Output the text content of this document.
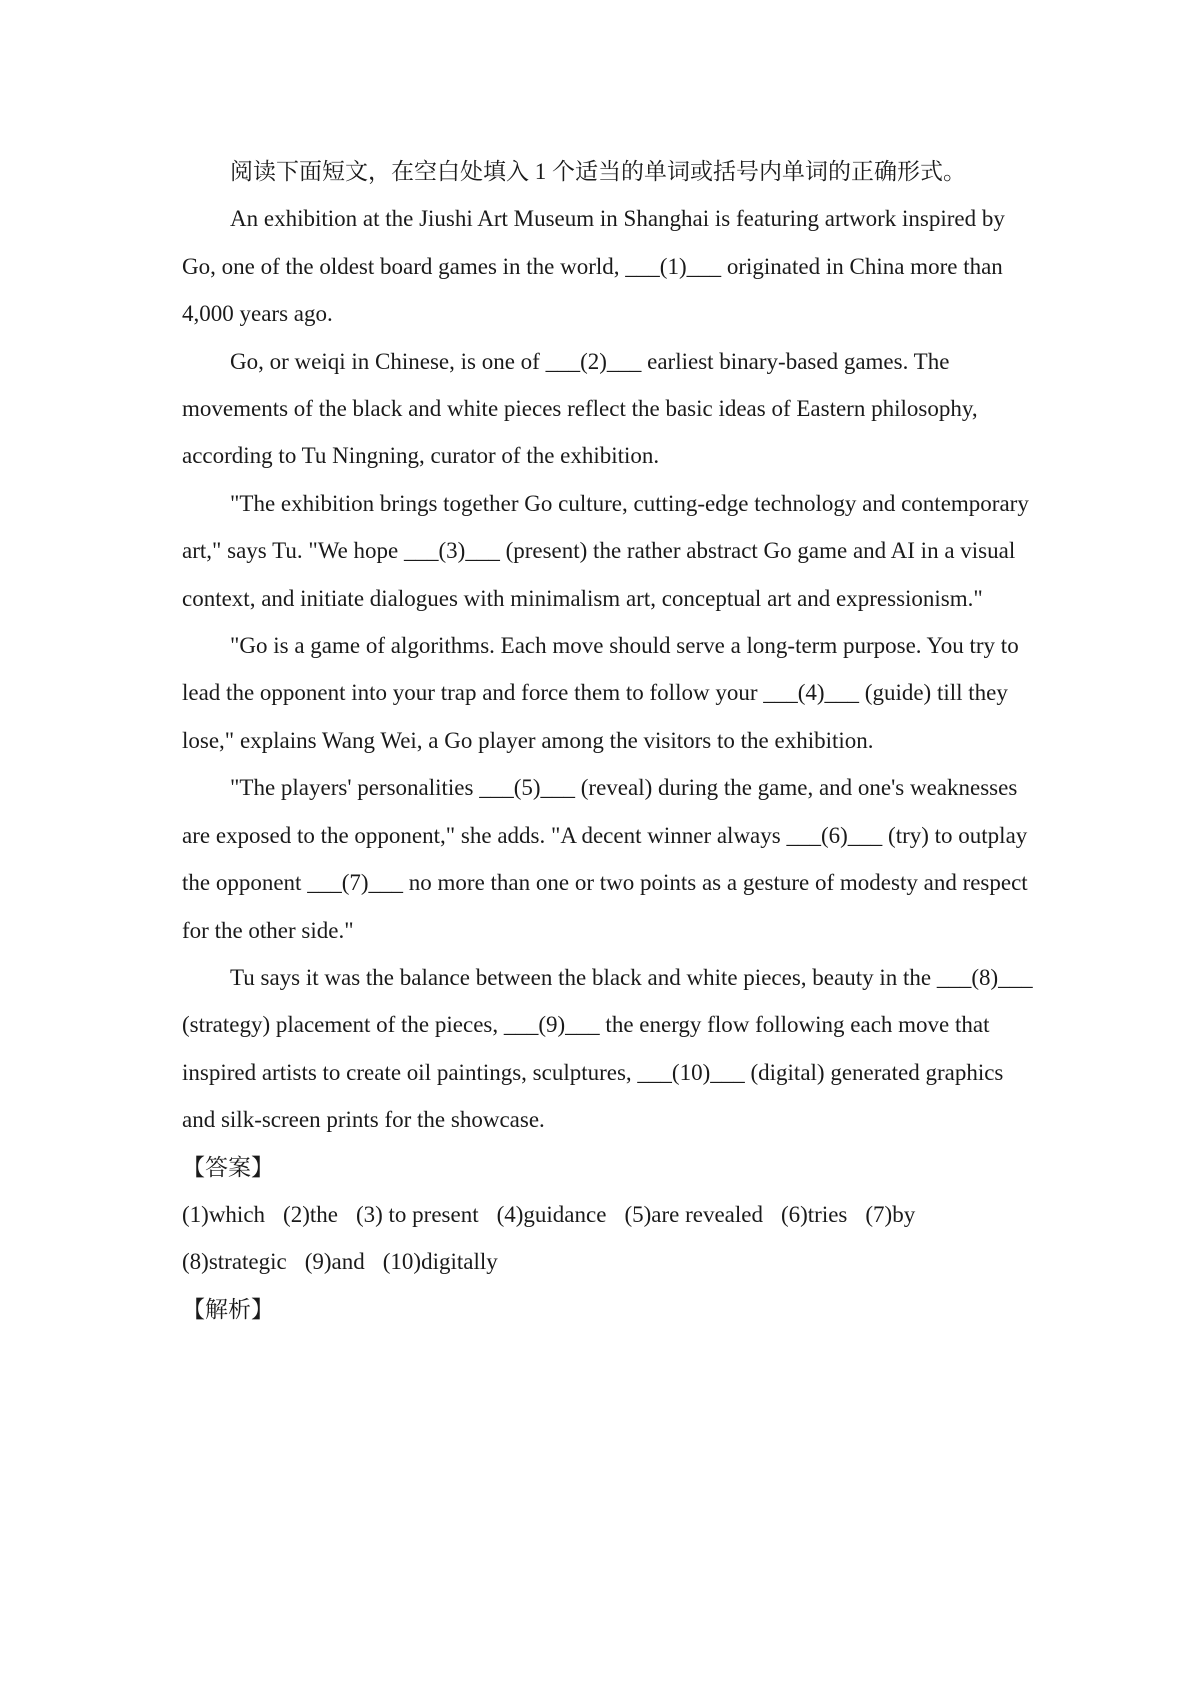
阅读下面短文，在空白处填入 1 个适当的单词或括号内单词的正确形式。

An exhibition at the Jiushi Art Museum in Shanghai is featuring artwork inspired by Go, one of the oldest board games in the world, ___(1)___ originated in China more than 4,000 years ago.

Go, or weiqi in Chinese, is one of ___(2)___ earliest binary-based games. The movements of the black and white pieces reflect the basic ideas of Eastern philosophy, according to Tu Ningning, curator of the exhibition.

"The exhibition brings together Go culture, cutting-edge technology and contemporary art," says Tu. "We hope ___(3)___ (present) the rather abstract Go game and AI in a visual context, and initiate dialogues with minimalism art, conceptual art and expressionism."

"Go is a game of algorithms. Each move should serve a long-term purpose. You try to lead the opponent into your trap and force them to follow your ___(4)___ (guide) till they lose," explains Wang Wei, a Go player among the visitors to the exhibition.

"The players' personalities ___(5)___ (reveal) during the game, and one's weaknesses are exposed to the opponent," she adds. "A decent winner always ___(6)___ (try) to outplay the opponent ___(7)___ no more than one or two points as a gesture of modesty and respect for the other side."

Tu says it was the balance between the black and white pieces, beauty in the ___(8)___ (strategy) placement of the pieces, ___(9)___ the energy flow following each move that inspired artists to create oil paintings, sculptures, ___(10)___ (digital) generated graphics and silk-screen prints for the showcase.

【答案】

(1)which (2)the (3) to present (4)guidance (5)are revealed (6)tries (7)by
(8)strategic (9)and (10)digitally

【解析】
